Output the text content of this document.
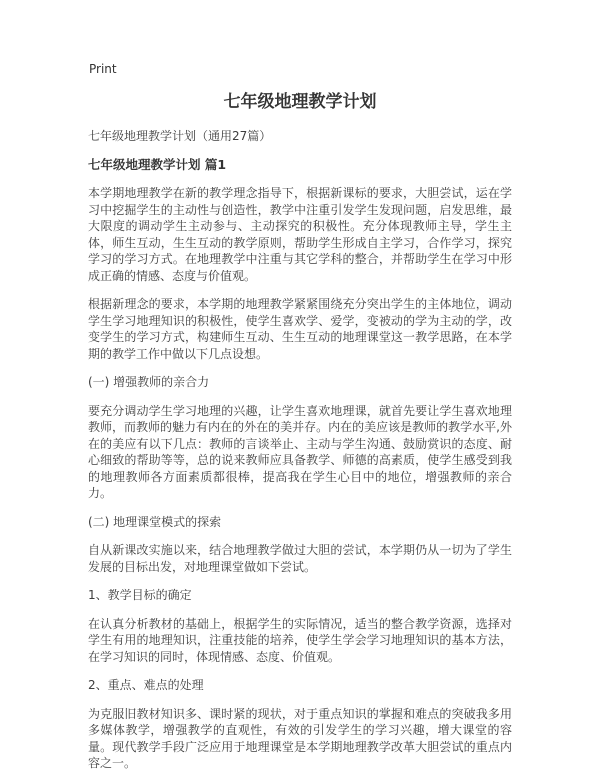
Print
七年级地理教学计划
七年级地理教学计划（通用27篇）
七年级地理教学计划 篇1

本学期地理教学在新的教学理念指导下，根据新课标的要求，大胆尝试，运在学习中挖掘学生的主动性与创造性，教学中注重引发学生发现问题，启发思维，最大限度的调动学生主动参与、主动探究的积极性。充分体现教师主导，学生主体，师生互动，生生互动的教学原则，帮助学生形成自主学习，合作学习，探究学习的学习方式。在地理教学中注重与其它学科的整合，并帮助学生在学习中形成正确的情感、态度与价值观。

根据新理念的要求，本学期的地理教学紧紧围绕充分突出学生的主体地位，调动学生学习地理知识的积极性，使学生喜欢学、爱学，变被动的学为主动的学，改变学生的学习方式，构建师生互动、生生互动的地理课堂这一教学思路，在本学期的教学工作中做以下几点设想。

(一) 增强教师的亲合力

要充分调动学生学习地理的兴趣，让学生喜欢地理课，就首先要让学生喜欢地理教师，而教师的魅力有内在的外在的美并存。内在的美应该是教师的教学水平,外在的美应有以下几点：教师的言谈举止、主动与学生沟通、鼓励赏识的态度、耐心细致的帮助等等，总的说来教师应具备教学、师德的高素质，使学生感受到我的地理教师各方面素质都很棒，提高我在学生心目中的地位，增强教师的亲合力。

(二) 地理课堂模式的探索

自从新课改实施以来，结合地理教学做过大胆的尝试，本学期仍从一切为了学生发展的目标出发，对地理课堂做如下尝试。

1、教学目标的确定

在认真分析教材的基础上，根据学生的实际情况，适当的整合教学资源，选择对学生有用的地理知识，注重技能的培养，使学生学会学习地理知识的基本方法，在学习知识的同时，体现情感、态度、价值观。

2、重点、难点的处理

为克服旧教材知识多、课时紧的现状，对于重点知识的掌握和难点的突破我多用多媒体教学，增强教学的直观性，有效的引发学生的学习兴趣，增大课堂的容量。现代教学手段广泛应用于地理课堂是本学期地理教学改革大胆尝试的重点内容之一。
